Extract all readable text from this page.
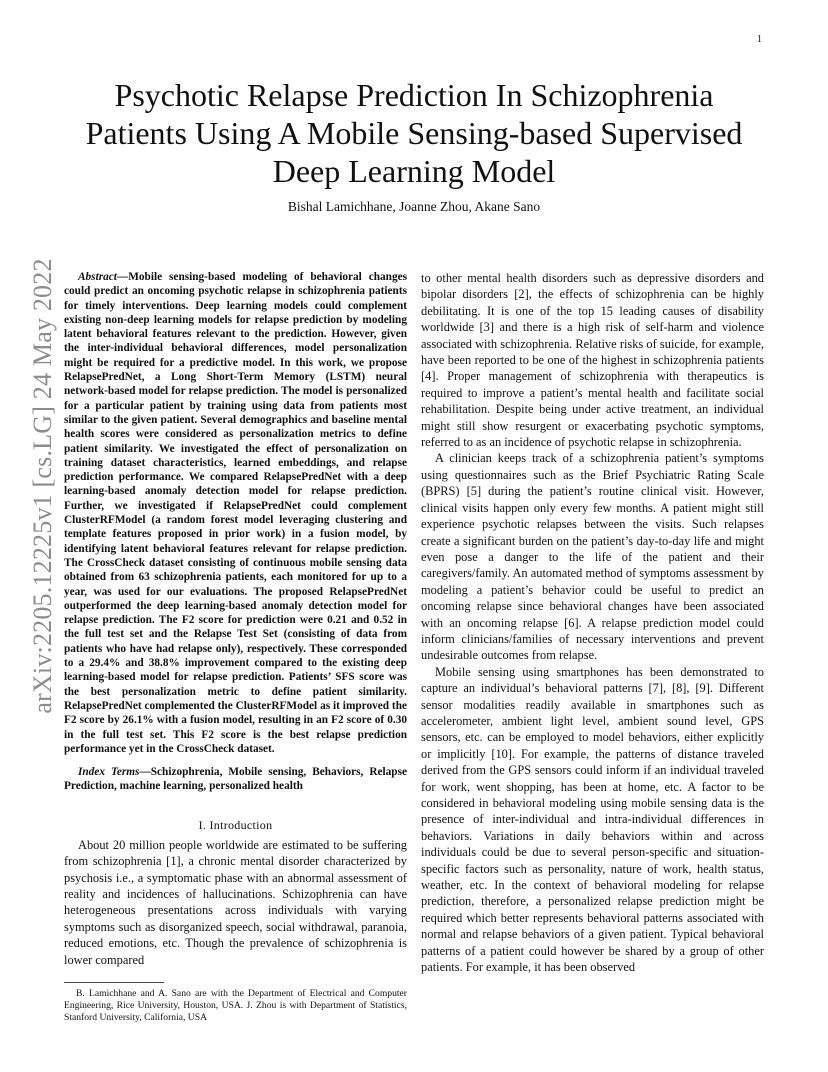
1
arXiv:2205.12225v1 [cs.LG] 24 May 2022
Psychotic Relapse Prediction In Schizophrenia Patients Using A Mobile Sensing-based Supervised Deep Learning Model
Bishal Lamichhane, Joanne Zhou, Akane Sano

Abstract—Mobile sensing-based modeling of behavioral changes could predict an oncoming psychotic relapse in schizophrenia patients for timely interventions. Deep learning models could complement existing non-deep learning models for relapse prediction by modeling latent behavioral features relevant to the prediction. However, given the inter-individual behavioral differences, model personalization might be required for a predictive model. In this work, we propose RelapsePredNet, a Long Short-Term Memory (LSTM) neural network-based model for relapse prediction. The model is personalized for a particular patient by training using data from patients most similar to the given patient. Several demographics and baseline mental health scores were considered as personalization metrics to define patient similarity. We investigated the effect of personalization on training dataset characteristics, learned embeddings, and relapse prediction performance. We compared RelapsePredNet with a deep learning-based anomaly detection model for relapse prediction. Further, we investigated if RelapsePredNet could complement ClusterRFModel (a random forest model leveraging clustering and template features proposed in prior work) in a fusion model, by identifying latent behavioral features relevant for relapse prediction. The CrossCheck dataset consisting of continuous mobile sensing data obtained from 63 schizophrenia patients, each monitored for up to a year, was used for our evaluations. The proposed RelapsePredNet outperformed the deep learning-based anomaly detection model for relapse prediction. The F2 score for prediction were 0.21 and 0.52 in the full test set and the Relapse Test Set (consisting of data from patients who have had relapse only), respectively. These corresponded to a 29.4% and 38.8% improvement compared to the existing deep learning-based model for relapse prediction. Patients’ SFS score was the best personalization metric to define patient similarity. RelapsePredNet complemented the ClusterRFModel as it improved the F2 score by 26.1% with a fusion model, resulting in an F2 score of 0.30 in the full test set. This F2 score is the best relapse prediction performance yet in the CrossCheck dataset.

Index Terms—Schizophrenia, Mobile sensing, Behaviors, Relapse Prediction, machine learning, personalized health

I. Introduction

About 20 million people worldwide are estimated to be suffering from schizophrenia [1], a chronic mental disorder characterized by psychosis i.e., a symptomatic phase with an abnormal assessment of reality and incidences of hallucinations. Schizophrenia can have heterogeneous presentations across individuals with varying symptoms such as disorganized speech, social withdrawal, paranoia, reduced emotions, etc. Though the prevalence of schizophrenia is lower compared

B. Lamichhane and A. Sano are with the Department of Electrical and Computer Engineering, Rice University, Houston, USA. J. Zhou is with Department of Statistics, Stanford University, California, USA

to other mental health disorders such as depressive disorders and bipolar disorders [2], the effects of schizophrenia can be highly debilitating. It is one of the top 15 leading causes of disability worldwide [3] and there is a high risk of self-harm and violence associated with schizophrenia. Relative risks of suicide, for example, have been reported to be one of the highest in schizophrenia patients [4]. Proper management of schizophrenia with therapeutics is required to improve a patient’s mental health and facilitate social rehabilitation. Despite being under active treatment, an individual might still show resurgent or exacerbating psychotic symptoms, referred to as an incidence of psychotic relapse in schizophrenia.

A clinician keeps track of a schizophrenia patient’s symptoms using questionnaires such as the Brief Psychiatric Rating Scale (BPRS) [5] during the patient’s routine clinical visit. However, clinical visits happen only every few months. A patient might still experience psychotic relapses between the visits. Such relapses create a significant burden on the patient’s day-to-day life and might even pose a danger to the life of the patient and their caregivers/family. An automated method of symptoms assessment by modeling a patient’s behavior could be useful to predict an oncoming relapse since behavioral changes have been associated with an oncoming relapse [6]. A relapse prediction model could inform clinicians/families of necessary interventions and prevent undesirable outcomes from relapse.

Mobile sensing using smartphones has been demonstrated to capture an individual’s behavioral patterns [7], [8], [9]. Different sensor modalities readily available in smartphones such as accelerometer, ambient light level, ambient sound level, GPS sensors, etc. can be employed to model behaviors, either explicitly or implicitly [10]. For example, the patterns of distance traveled derived from the GPS sensors could inform if an individual traveled for work, went shopping, has been at home, etc. A factor to be considered in behavioral modeling using mobile sensing data is the presence of inter-individual and intra-individual differences in behaviors. Variations in daily behaviors within and across individuals could be due to several person-specific and situation-specific factors such as personality, nature of work, health status, weather, etc. In the context of behavioral modeling for relapse prediction, therefore, a personalized relapse prediction might be required which better represents behavioral patterns associated with normal and relapse behaviors of a given patient. Typical behavioral patterns of a patient could however be shared by a group of other patients. For example, it has been observed
